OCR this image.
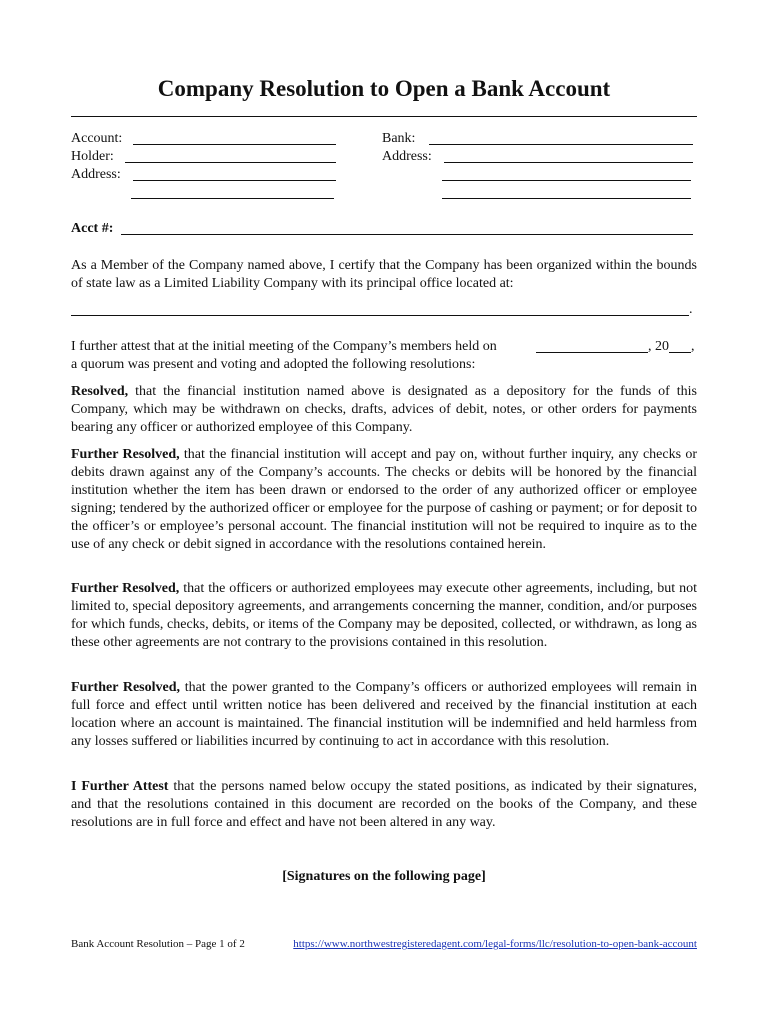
Company Resolution to Open a Bank Account
Account:
Holder:
Address:
Bank:
Address:
Acct #:

As a Member of the Company named above, I certify that the Company has been organized within the bounds of state law as a Limited Liability Company with its principal office located at:

.
I further attest that at the initial meeting of the Company’s members held on	, 20 ,
a quorum was present and voting and adopted the following resolutions:

Resolved, that the financial institution named above is designated as a depository for the funds of this Company, which may be withdrawn on checks, drafts, advices of debit, notes, or other orders for payments bearing any officer or authorized employee of this Company.

Further Resolved, that the financial institution will accept and pay on, without further inquiry, any checks or debits drawn against any of the Company’s accounts. The checks or debits will be honored by the financial institution whether the item has been drawn or endorsed to the order of any authorized officer or employee signing; tendered by the authorized officer or employee for the purpose of cashing or payment; or for deposit to the officer’s or employee’s personal account. The financial institution will not be required to inquire as to the use of any check or debit signed in accordance with the resolutions contained herein.

Further Resolved, that the officers or authorized employees may execute other agreements, including, but not limited to, special depository agreements, and arrangements concerning the manner, condition, and/or purposes for which funds, checks, debits, or items of the Company may be deposited, collected, or withdrawn, as long as these other agreements are not contrary to the provisions contained in this resolution.

Further Resolved, that the power granted to the Company’s officers or authorized employees will remain in full force and effect until written notice has been delivered and received by the financial institution at each location where an account is maintained. The financial institution will be indemnified and held harmless from any losses suffered or liabilities incurred by continuing to act in accordance with this resolution.

I Further Attest that the persons named below occupy the stated positions, as indicated by their signatures, and that the resolutions contained in this document are recorded on the books of the Company, and these resolutions are in full force and effect and have not been altered in any way.

[Signatures on the following page]
Bank Account Resolution – Page 1 of 2	https://www.northwestregisteredagent.com/legal-forms/llc/resolution-to-open-bank-account
